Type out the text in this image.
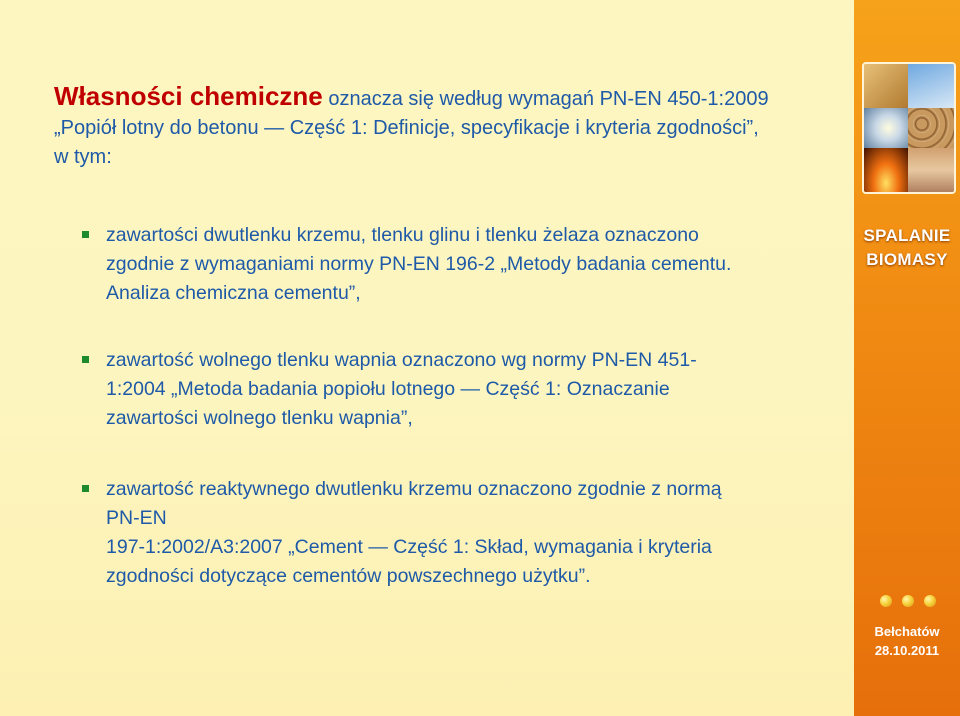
Własności chemiczne oznacza się według wymagań PN-EN 450-1:2009
„Popiół lotny do betonu — Część 1: Definicje, specyfikacje i kryteria zgodności”,
w tym:
zawartości dwutlenku krzemu, tlenku glinu i tlenku żelaza oznaczono
zgodnie z wymaganiami normy PN-EN 196-2 „Metody badania cementu.
Analiza chemiczna cementu”,
zawartość wolnego tlenku wapnia oznaczono wg normy PN-EN 451-
1:2004 „Metoda badania popiołu lotnego — Część 1: Oznaczanie
zawartości wolnego tlenku wapnia”,
zawartość reaktywnego dwutlenku krzemu oznaczono zgodnie z normą
PN-EN
197-1:2002/A3:2007 „Cement — Część 1: Skład, wymagania i kryteria
zgodności dotyczące cementów powszechnego użytku”.
SPALANIE
BIOMASY
Bełchatów
28.10.2011
